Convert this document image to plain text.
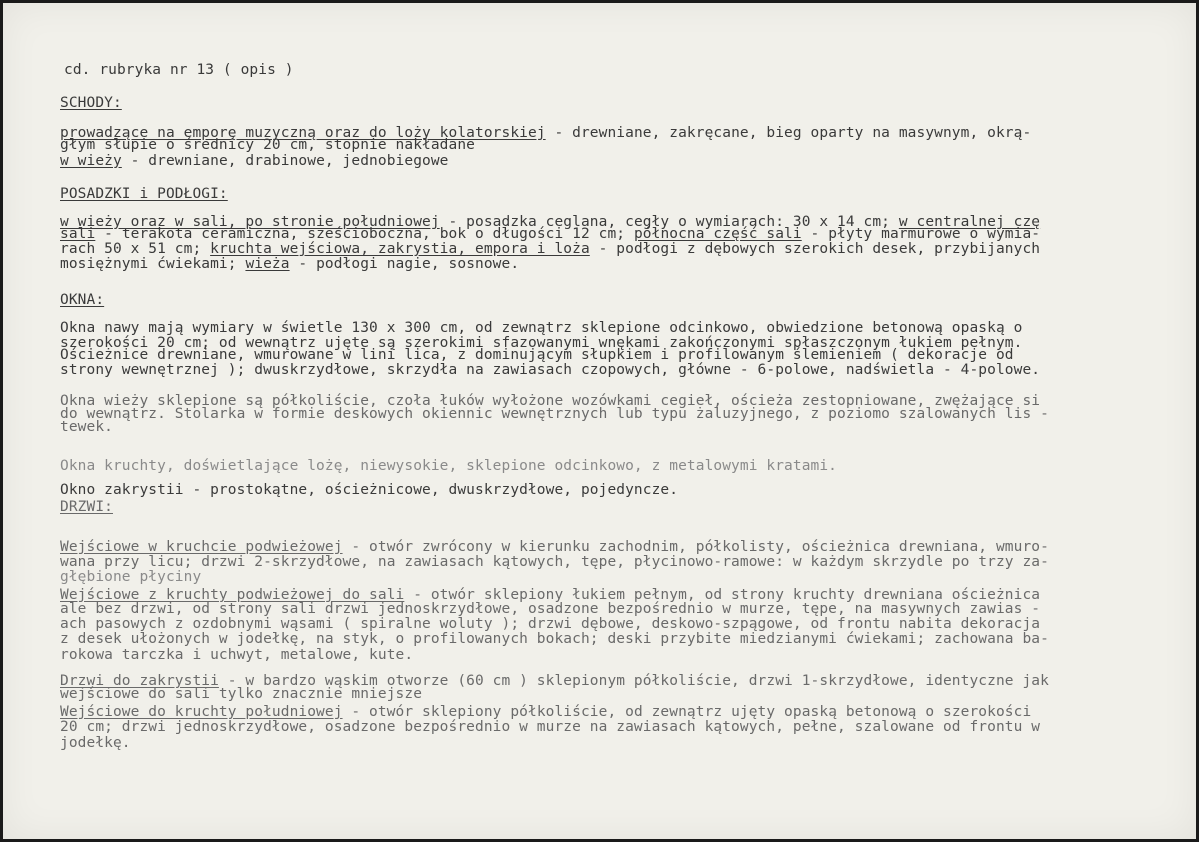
cd. rubryka nr 13 ( opis )
SCHODY:
prowadzące na emporę muzyczną oraz do loży kolatorskiej - drewniane, zakręcane, bieg oparty na masywnym, okrą-
głym słupie o średnicy 20 cm, stopnie nakładane
w wieży - drewniane, drabinowe, jednobiegowe
POSADZKI i PODŁOGI:
w wieży oraz w sali, po stronie południowej - posadzka ceglana, cegły o wymiarach: 30 x 14 cm; w centralnej czę
sali - terakota ceramiczna, sześcioboczna, bok o długości 12 cm; północna część sali - płyty marmurowe o wymia-
rach 50 x 51 cm; kruchta wejściowa, zakrystia, empora i loża - podłogi z dębowych szerokich desek, przybijanych
mosiężnymi ćwiekami; wieża - podłogi nagie, sosnowe.
OKNA:
Okna nawy mają wymiary w świetle 130 x 300 cm, od zewnątrz sklepione odcinkowo, obwiedzione betonową opaską o
szerokości 20 cm; od wewnątrz ujęte są szerokimi sfazowanymi wnękami zakończonymi spłaszczonym łukiem pełnym.
Ościeżnice drewniane, wmurowane w lini lica, z dominującym słupkiem i profilowanym ślemieniem ( dekoracje od
strony wewnętrznej ); dwuskrzydłowe, skrzydła na zawiasach czopowych, główne - 6-polowe, nadświetla - 4-polowe.
Okna wieży sklepione są półkoliście, czoła łuków wyłożone wozówkami cegieł, ościeża zestopniowane, zwężające si
do wewnątrz. Stolarka w formie deskowych okiennic wewnętrznych lub typu żaluzyjnego, z poziomo szalowanych lis -
tewek.
Okna kruchty, doświetlające lożę, niewysokie, sklepione odcinkowo, z metalowymi kratami.
Okno zakrystii - prostokątne, ościeżnicowe, dwuskrzydłowe, pojedyncze.
DRZWI:
Wejściowe w kruchcie podwieżowej - otwór zwrócony w kierunku zachodnim, półkolisty, ościeżnica drewniana, wmuro-
wana przy licu; drzwi 2-skrzydłowe, na zawiasach kątowych, tępe, płycinowo-ramowe: w każdym skrzydle po trzy za-
głębione płyciny
Wejściowe z kruchty podwieżowej do sali - otwór sklepiony łukiem pełnym, od strony kruchty drewniana ościeżnica
ale bez drzwi, od strony sali drzwi jednoskrzydłowe, osadzone bezpośrednio w murze, tępe, na masywnych zawias -
ach pasowych z ozdobnymi wąsami ( spiralne woluty ); drzwi dębowe, deskowo-szpągowe, od frontu nabita dekoracja
z desek ułożonych w jodełkę, na styk, o profilowanych bokach; deski przybite miedzianymi ćwiekami; zachowana ba-
rokowa tarczka i uchwyt, metalowe, kute.
Drzwi do zakrystii - w bardzo wąskim otworze (60 cm ) sklepionym półkoliście, drzwi 1-skrzydłowe, identyczne jak
wejściowe do sali tylko znacznie mniejsze
Wejściowe do kruchty południowej - otwór sklepiony półkoliście, od zewnątrz ujęty opaską betonową o szerokości
20 cm; drzwi jednoskrzydłowe, osadzone bezpośrednio w murze na zawiasach kątowych, pełne, szalowane od frontu w
jodełkę.
